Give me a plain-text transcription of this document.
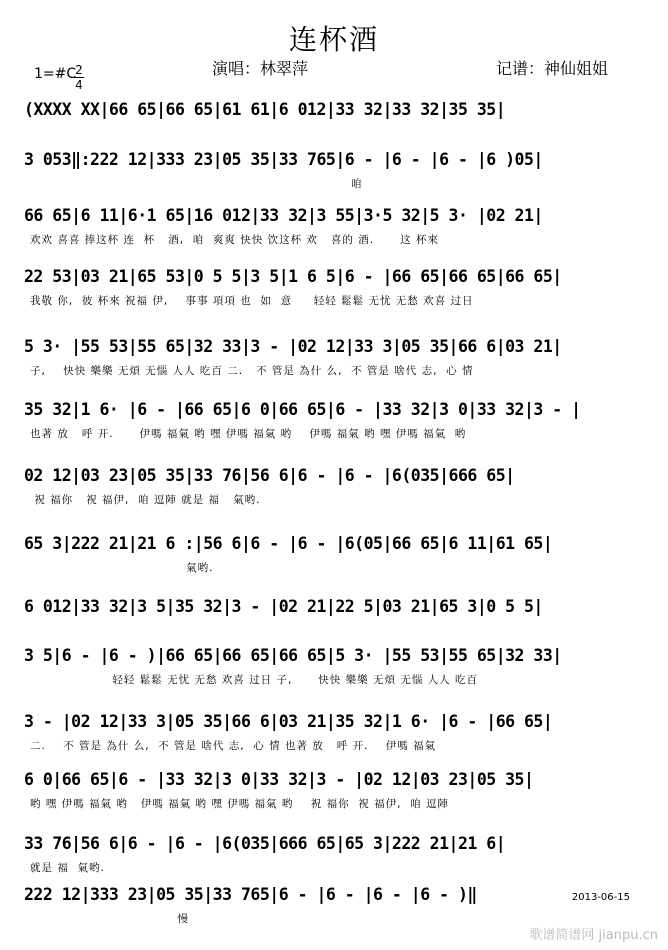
连杯酒
演唱：林翠萍	记谱：神仙姐姐
1=#C 2
4
(XXXX XX|66 65|66 65|61 61|6 012|33 32|33 32|35 35|
3 053‖:222 12|333 23|05 35|33 765|6 - |6 - |6 - |6 )05|
咱
66 65|6 11|6·1 65|16 012|33 32|3 55|3·5 32|5 3· |02 21|
欢欢 喜喜 捧这杯 连  杯   酒,  咱  爽爽 快快 饮这杯 欢   喜的 酒.      这 杯來
22 53|03 21|65 53|0 5 5|3 5|1 6 5|6 - |66 65|66 65|66 65|
我敬 你,  彼 杯來 祝福 伊,    事事 項項 也  如  意     轻轻 鬆鬆 无忧 无愁 欢喜 过日
5 3· |55 53|55 65|32 33|3 - |02 12|33 3|05 35|66 6|03 21|
子,    快快 樂樂 无煩 无惱 人人 吃百 二.   不 管是 為什 么,  不 管是 啥代 志,  心 情
35 32|1 6· |6 - |66 65|6 0|66 65|6 - |33 32|3 0|33 32|3 - |
也著 放   呼 开.      伊嗎 福氣 哟 嘿 伊嗎 福氣 哟    伊嗎 福氣 哟 嘿 伊嗎 福氣  哟
02 12|03 23|05 35|33 76|56 6|6 - |6 - |6(035|666 65|
祝 福你   祝 福伊,  咱 逗陣 就是 福   氣哟.
65 3|222 21|21 6 :|56 6|6 - |6 - |6(05|66 65|6 11|61 65|
氣哟.
6 012|33 32|3 5|35 32|3 - |02 21|22 5|03 21|65 3|0 5 5|
3 5|6 - |6 - )|66 65|66 65|66 65|5 3· |55 53|55 65|32 33|
轻轻 鬆鬆 无忧 无愁 欢喜 过日 子,      快快 樂樂 无煩 无惱 人人 吃百
3 - |02 12|33 3|05 35|66 6|03 21|35 32|1 6· |6 - |66 65|
二.    不 管是 為什 么,  不 管是 啥代 志,  心 情 也著 放   呼 开.    伊嗎 福氣
6 0|66 65|6 - |33 32|3 0|33 32|3 - |02 12|03 23|05 35|
哟 嘿 伊嗎 福氣 哟   伊嗎 福氣 哟 嘿 伊嗎 福氣 哟    祝 福你  祝 福伊,  咱 逗陣
33 76|56 6|6 - |6 - |6(035|666 65|65 3|222 21|21 6|
就是 福  氣哟.
222 12|333 23|05 35|33 765|6 - |6 - |6 - |6 - )‖
慢
2013-06-15
歌谱简谱网 jianpu.cn
